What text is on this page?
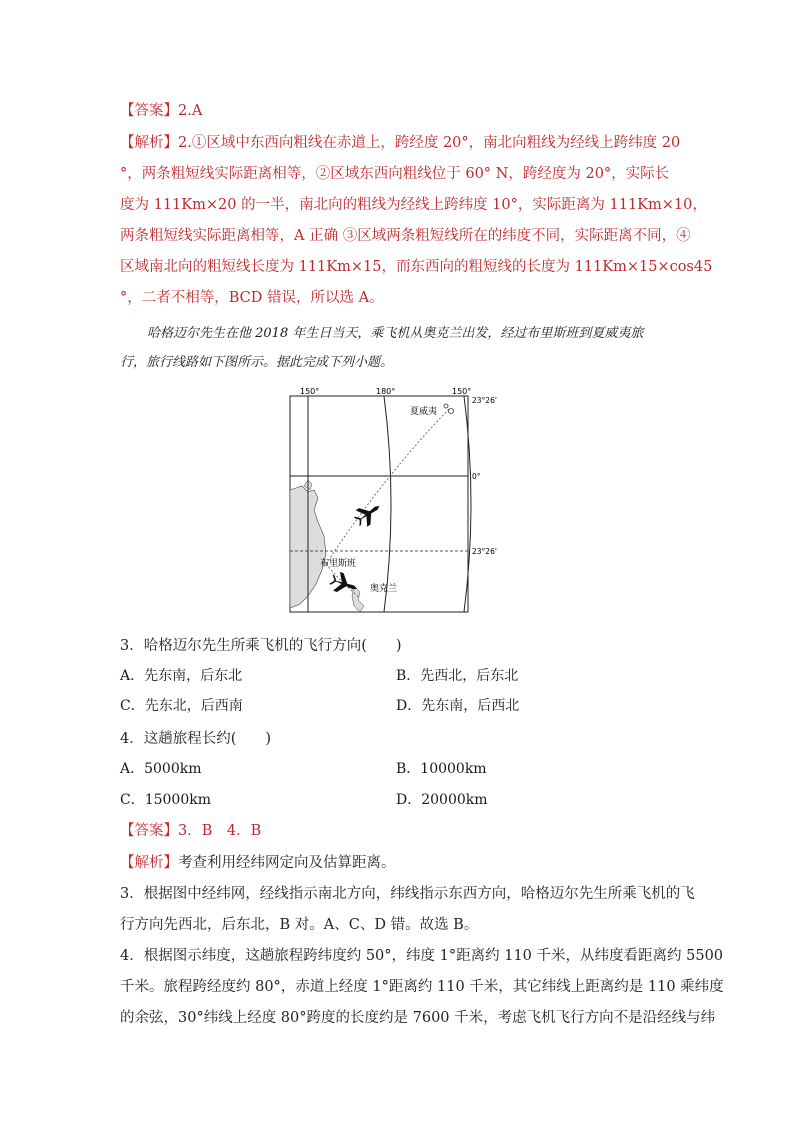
【答案】2.A
【解析】2.①区域中东西向粗线在赤道上，跨经度 20°，南北向粗线为经线上跨纬度 20
°，两条粗短线实际距离相等，②区域东西向粗线位于 60° N，跨经度为 20°，实际长
度为 111Km×20 的一半，南北向的粗线为经线上跨纬度 10°，实际距离为 111Km×10，
两条粗短线实际距离相等，A 正确 ③区域两条粗短线所在的纬度不同，实际距离不同，④
区域南北向的粗短线长度为 111Km×15，而东西向的粗短线的长度为 111Km×15×cos45
°，二者不相等，BCD 错误，所以选 A。
哈格迈尔先生在他 2018 年生日当天，乘飞机从奥克兰出发，经过布里斯班到夏威夷旅
行，旅行线路如下图所示。据此完成下列小题。
150°	180°	150°
23°26'
0°
23°26'
夏威夷
布里斯班
奥克兰
3．哈格迈尔先生所乘飞机的飞行方向(　　)
A．先东南，后东北	B．先西北，后东北
C．先东北，后西南	D．先东南，后西北
4．这趟旅程长约(　　)
A．5000km	B．10000km
C．15000km	D．20000km
【答案】3．B　4．B
【解析】考查利用经纬网定向及估算距离。
3．根据图中经纬网，经线指示南北方向，纬线指示东西方向，哈格迈尔先生所乘飞机的飞
行方向先西北，后东北，B 对。A、C、D 错。故选 B。
4．根据图示纬度，这趟旅程跨纬度约 50°，纬度 1°距离约 110 千米，从纬度看距离约 5500
千米。旅程跨经度约 80°，赤道上经度 1°距离约 110 千米，其它纬线上距离约是 110 乘纬度
的余弦，30°纬线上经度 80°跨度的长度约是 7600 千米，考虑飞机飞行方向不是沿经线与纬
